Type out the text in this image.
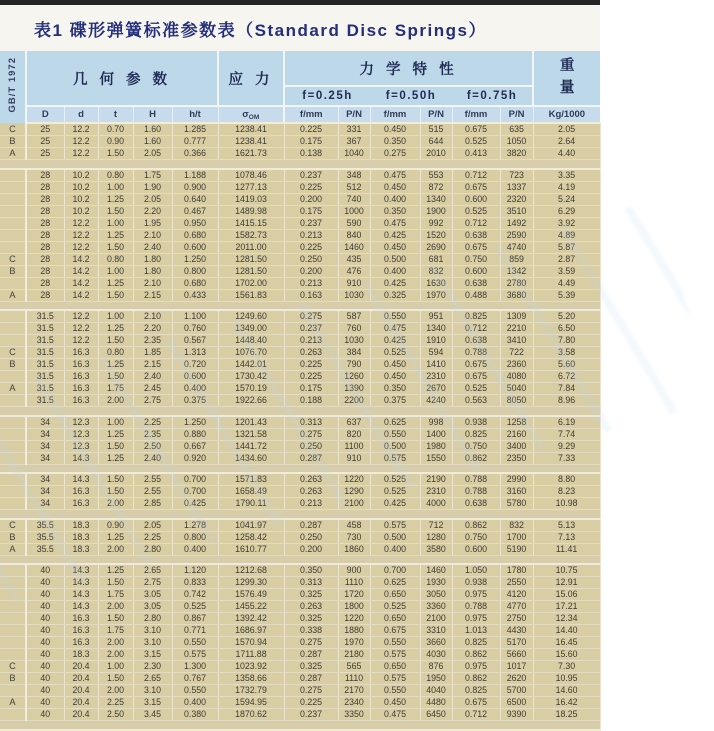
表1 碟形弹簧标准参数表（Standard Disc Springs）
GB/T 1972	几 何 参 数					应 力	力 学 特 性						重量
							f=0.25h		f=0.50h		f=0.75h		
	D	d	t	H	h/t	$\sigma_{OM}$	f/mm	P/N	f/mm	P/N	f/mm	P/N	Kg/1000
C	25	12.2	0.70	1.60	1.285	1238.41	0.225	331	0.450	515	0.675	635	2.05
B	25	12.2	0.90	1.60	0.777	1238.41	0.175	367	0.350	644	0.525	1050	2.64
A	25	12.2	1.50	2.05	0.366	1621.73	0.138	1040	0.275	2010	0.413	3820	4.40

	28	10.2	0.80	1.75	1.188	1078.46	0.237	348	0.475	553	0.712	723	3.35
	28	10.2	1.00	1.90	0.900	1277.13	0.225	512	0.450	872	0.675	1337	4.19
	28	10.2	1.25	2.05	0.640	1419.03	0.200	740	0.400	1340	0.600	2320	5.24
	28	10.2	1.50	2.20	0.467	1489.98	0.175	1000	0.350	1900	0.525	3510	6.29
	28	12.2	1.00	1.95	0.950	1415.15	0.237	590	0.475	992	0.712	1492	3.92
	28	12.2	1.25	2.10	0.680	1582.73	0.213	840	0.425	1520	0.638	2590	4.89
	28	12.2	1.50	2.40	0.600	2011.00	0.225	1460	0.450	2690	0.675	4740	5.87
C	28	14.2	0.80	1.80	1.250	1281.50	0.250	435	0.500	681	0.750	859	2.87
B	28	14.2	1.00	1.80	0.800	1281.50	0.200	476	0.400	832	0.600	1342	3.59
	28	14.2	1.25	2.10	0.680	1702.00	0.213	910	0.425	1630	0.638	2780	4.49
A	28	14.2	1.50	2.15	0.433	1561.83	0.163	1030	0.325	1970	0.488	3680	5.39

	31.5	12.2	1.00	2.10	1.100	1249.60	0.275	587	0.550	951	0.825	1309	5.20
	31.5	12.2	1.25	2.20	0.760	1349.00	0.237	760	0.475	1340	0.712	2210	6.50
	31.5	12.2	1.50	2.35	0.567	1448.40	0.213	1030	0.425	1910	0.638	3410	7.80
C	31.5	16.3	0.80	1.85	1.313	1076.70	0.263	384	0.525	594	0.788	722	3.58
B	31.5	16.3	1.25	2.15	0.720	1442.01	0.225	790	0.450	1410	0.675	2360	5.60
	31.5	16.3	1.50	2.40	0.600	1730.42	0.225	1260	0.450	2310	0.675	4080	6.72
A	31.5	16.3	1.75	2.45	0.400	1570.19	0.175	1390	0.350	2670	0.525	5040	7.84
	31.5	16.3	2.00	2.75	0.375	1922.66	0.188	2200	0.375	4240	0.563	8050	8.96

	34	12.3	1.00	2.25	1.250	1201.43	0.313	637	0.625	998	0.938	1258	6.19
	34	12.3	1.25	2.35	0.880	1321.58	0.275	820	0.550	1400	0.825	2160	7.74
	34	12.3	1.50	2.50	0.667	1441.72	0.250	1100	0.500	1980	0.750	3400	9.29
	34	14.3	1.25	2.40	0.920	1434.60	0.287	910	0.575	1550	0.862	2350	7.33

	34	14.3	1.50	2.55	0.700	1571.83	0.263	1220	0.525	2190	0.788	2990	8.80
	34	16.3	1.50	2.55	0.700	1658.49	0.263	1290	0.525	2310	0.788	3160	8.23
	34	16.3	2.00	2.85	0.425	1790.11	0.213	2100	0.425	4000	0.638	5780	10.98

C	35.5	18.3	0.90	2.05	1.278	1041.97	0.287	458	0.575	712	0.862	832	5.13
B	35.5	18.3	1.25	2.25	0.800	1258.42	0.250	730	0.500	1280	0.750	1700	7.13
A	35.5	18.3	2.00	2.80	0.400	1610.77	0.200	1860	0.400	3580	0.600	5190	11.41

	40	14.3	1.25	2.65	1.120	1212.68	0.350	900	0.700	1460	1.050	1780	10.75
	40	14.3	1.50	2.75	0.833	1299.30	0.313	1110	0.625	1930	0.938	2550	12.91
	40	14.3	1.75	3.05	0.742	1576.49	0.325	1720	0.650	3050	0.975	4120	15.06
	40	14.3	2.00	3.05	0.525	1455.22	0.263	1800	0.525	3360	0.788	4770	17.21
	40	16.3	1.50	2.80	0.867	1392.42	0.325	1220	0.650	2100	0.975	2750	12.34
	40	16.3	1.75	3.10	0.771	1686.97	0.338	1880	0.675	3310	1.013	4430	14.40
	40	16.3	2.00	3.10	0.550	1570.94	0.275	1970	0.550	3660	0.825	5170	16.45
	40	18.3	2.00	3.15	0.575	1711.88	0.287	2180	0.575	4030	0.862	5660	15.60
C	40	20.4	1.00	2.30	1.300	1023.92	0.325	565	0.650	876	0.975	1017	7.30
B	40	20.4	1.50	2.65	0.767	1358.66	0.287	1110	0.575	1950	0.862	2620	10.95
	40	20.4	2.00	3.10	0.550	1732.79	0.275	2170	0.550	4040	0.825	5700	14.60
A	40	20.4	2.25	3.15	0.400	1594.95	0.225	2340	0.450	4480	0.675	6500	16.42
	40	20.4	2.50	3.45	0.380	1870.62	0.237	3350	0.475	6450	0.712	9390	18.25
